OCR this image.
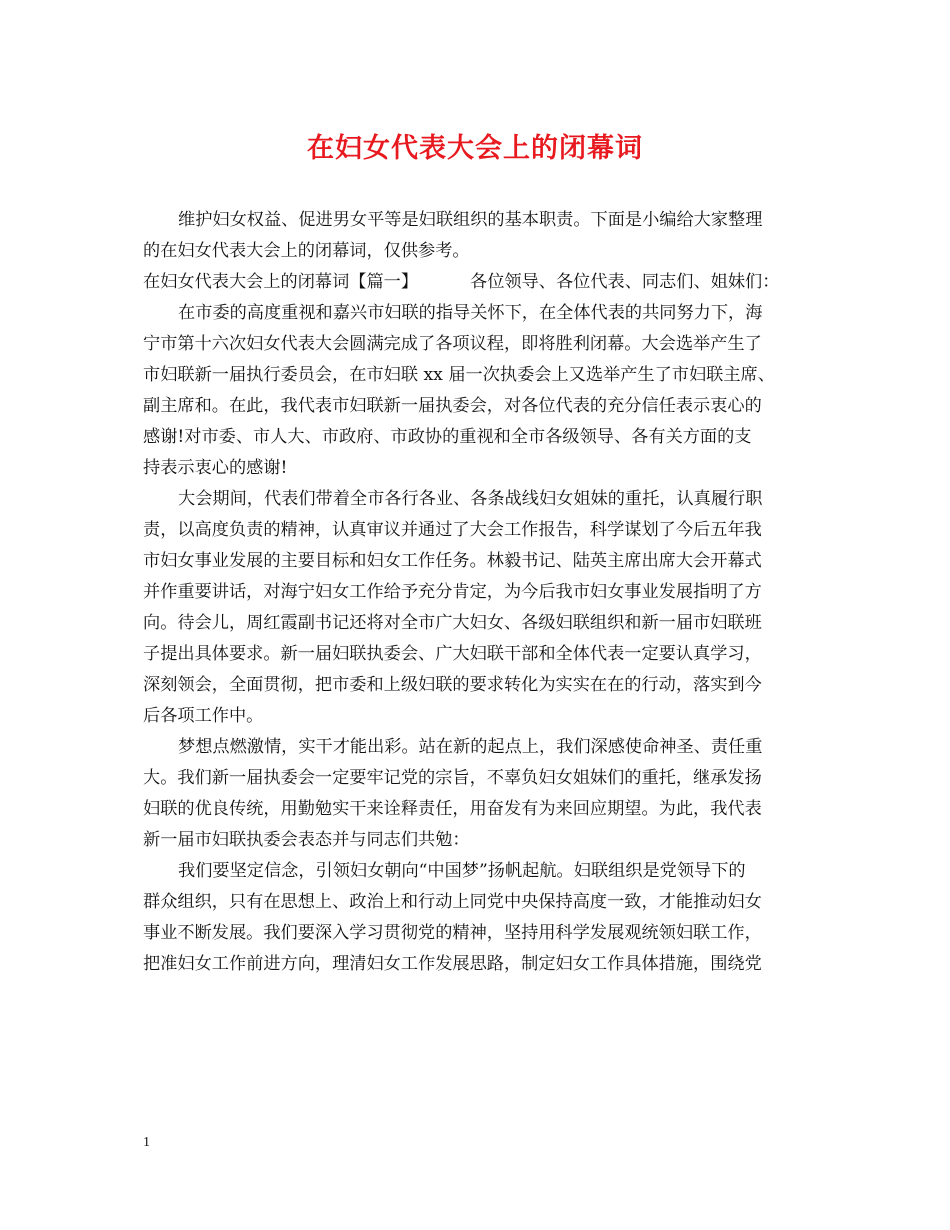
在妇女代表大会上的闭幕词
维护妇女权益、促进男女平等是妇联组织的基本职责。下面是小编给大家整理
的在妇女代表大会上的闭幕词，仅供参考。
在妇女代表大会上的闭幕词【篇一】	各位领导、各位代表、同志们、姐妹们：
在市委的高度重视和嘉兴市妇联的指导关怀下，在全体代表的共同努力下，海
宁市第十六次妇女代表大会圆满完成了各项议程，即将胜利闭幕。大会选举产生了
市妇联新一届执行委员会，在市妇联 xx 届一次执委会上又选举产生了市妇联主席、
副主席和。在此，我代表市妇联新一届执委会，对各位代表的充分信任表示衷心的
感谢!对市委、市人大、市政府、市政协的重视和全市各级领导、各有关方面的支
持表示衷心的感谢!
大会期间，代表们带着全市各行各业、各条战线妇女姐妹的重托，认真履行职
责，以高度负责的精神，认真审议并通过了大会工作报告，科学谋划了今后五年我
市妇女事业发展的主要目标和妇女工作任务。林毅书记、陆英主席出席大会开幕式
并作重要讲话，对海宁妇女工作给予充分肯定，为今后我市妇女事业发展指明了方
向。待会儿，周红霞副书记还将对全市广大妇女、各级妇联组织和新一届市妇联班
子提出具体要求。新一届妇联执委会、广大妇联干部和全体代表一定要认真学习，
深刻领会，全面贯彻，把市委和上级妇联的要求转化为实实在在的行动，落实到今
后各项工作中。
梦想点燃激情，实干才能出彩。站在新的起点上，我们深感使命神圣、责任重
大。我们新一届执委会一定要牢记党的宗旨，不辜负妇女姐妹们的重托，继承发扬
妇联的优良传统，用勤勉实干来诠释责任，用奋发有为来回应期望。为此，我代表
新一届市妇联执委会表态并与同志们共勉：
我们要坚定信念，引领妇女朝向“中国梦”扬帆起航。妇联组织是党领导下的
群众组织，只有在思想上、政治上和行动上同党中央保持高度一致，才能推动妇女
事业不断发展。我们要深入学习贯彻党的精神，坚持用科学发展观统领妇联工作，
把准妇女工作前进方向，理清妇女工作发展思路，制定妇女工作具体措施，围绕党
1
